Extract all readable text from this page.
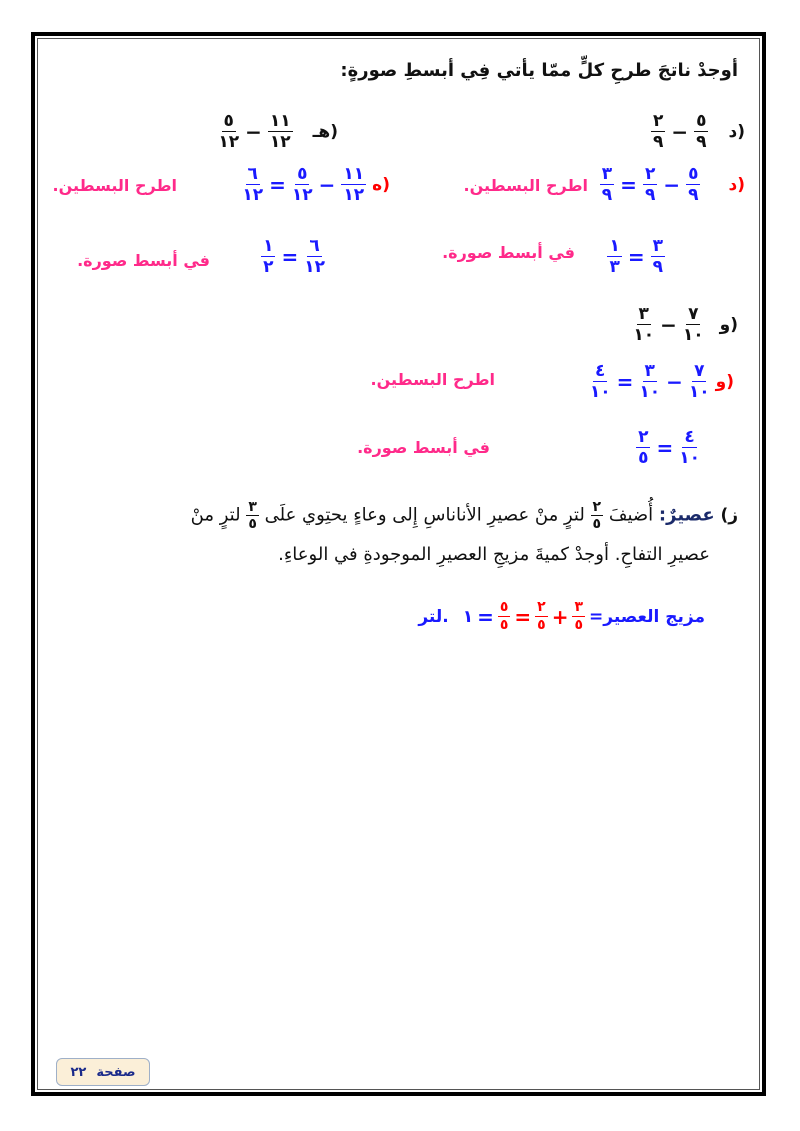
أوجدْ ناتجَ طرحِ كلٍّ ممّا يأتي فِي أبسطِ صورةٍ:
$\frac{٢}{٩} - \frac{٥}{٩}$ د)
$\frac{٥}{١٢} - \frac{١١}{١٢}$ هـ)
$\frac{٣}{٩} = \frac{٢}{٩} - \frac{٥}{٩}$ د)
اطرح البسطين.
$\frac{١}{٣} = \frac{٣}{٩}$
في أبسط صورة.
$\frac{٦}{١٢} = \frac{٥}{١٢} - \frac{١١}{١٢}$ ه)
اطرح البسطين.
$\frac{١}{٢} = \frac{٦}{١٢}$
في أبسط صورة.
$\frac{٣}{١٠} - \frac{٧}{١٠}$ و)
$\frac{٤}{١٠} = \frac{٣}{١٠} - \frac{٧}{١٠}$ و)
اطرح البسطين.
$\frac{٢}{٥} = \frac{٤}{١٠}$
في أبسط صورة.
ز) عصيرٌ: أُضيفَ
$\frac{٢}{٥}$
لترٍ منْ عصيرِ الأناناسِ إِلى وعاءٍ يحتِوي علَى
$\frac{٣}{٥}$
لترٍ منْ
عصيرِ التفاحِ. أوجدْ كميةَ مزيجِ العصيرِ الموجودةِ في الوعاءِ.
لتر. ١ = $\frac{٥}{٥} = \frac{٢}{٥} + \frac{٣}{٥}$ مزيج العصير=
صفحة
٢٢
